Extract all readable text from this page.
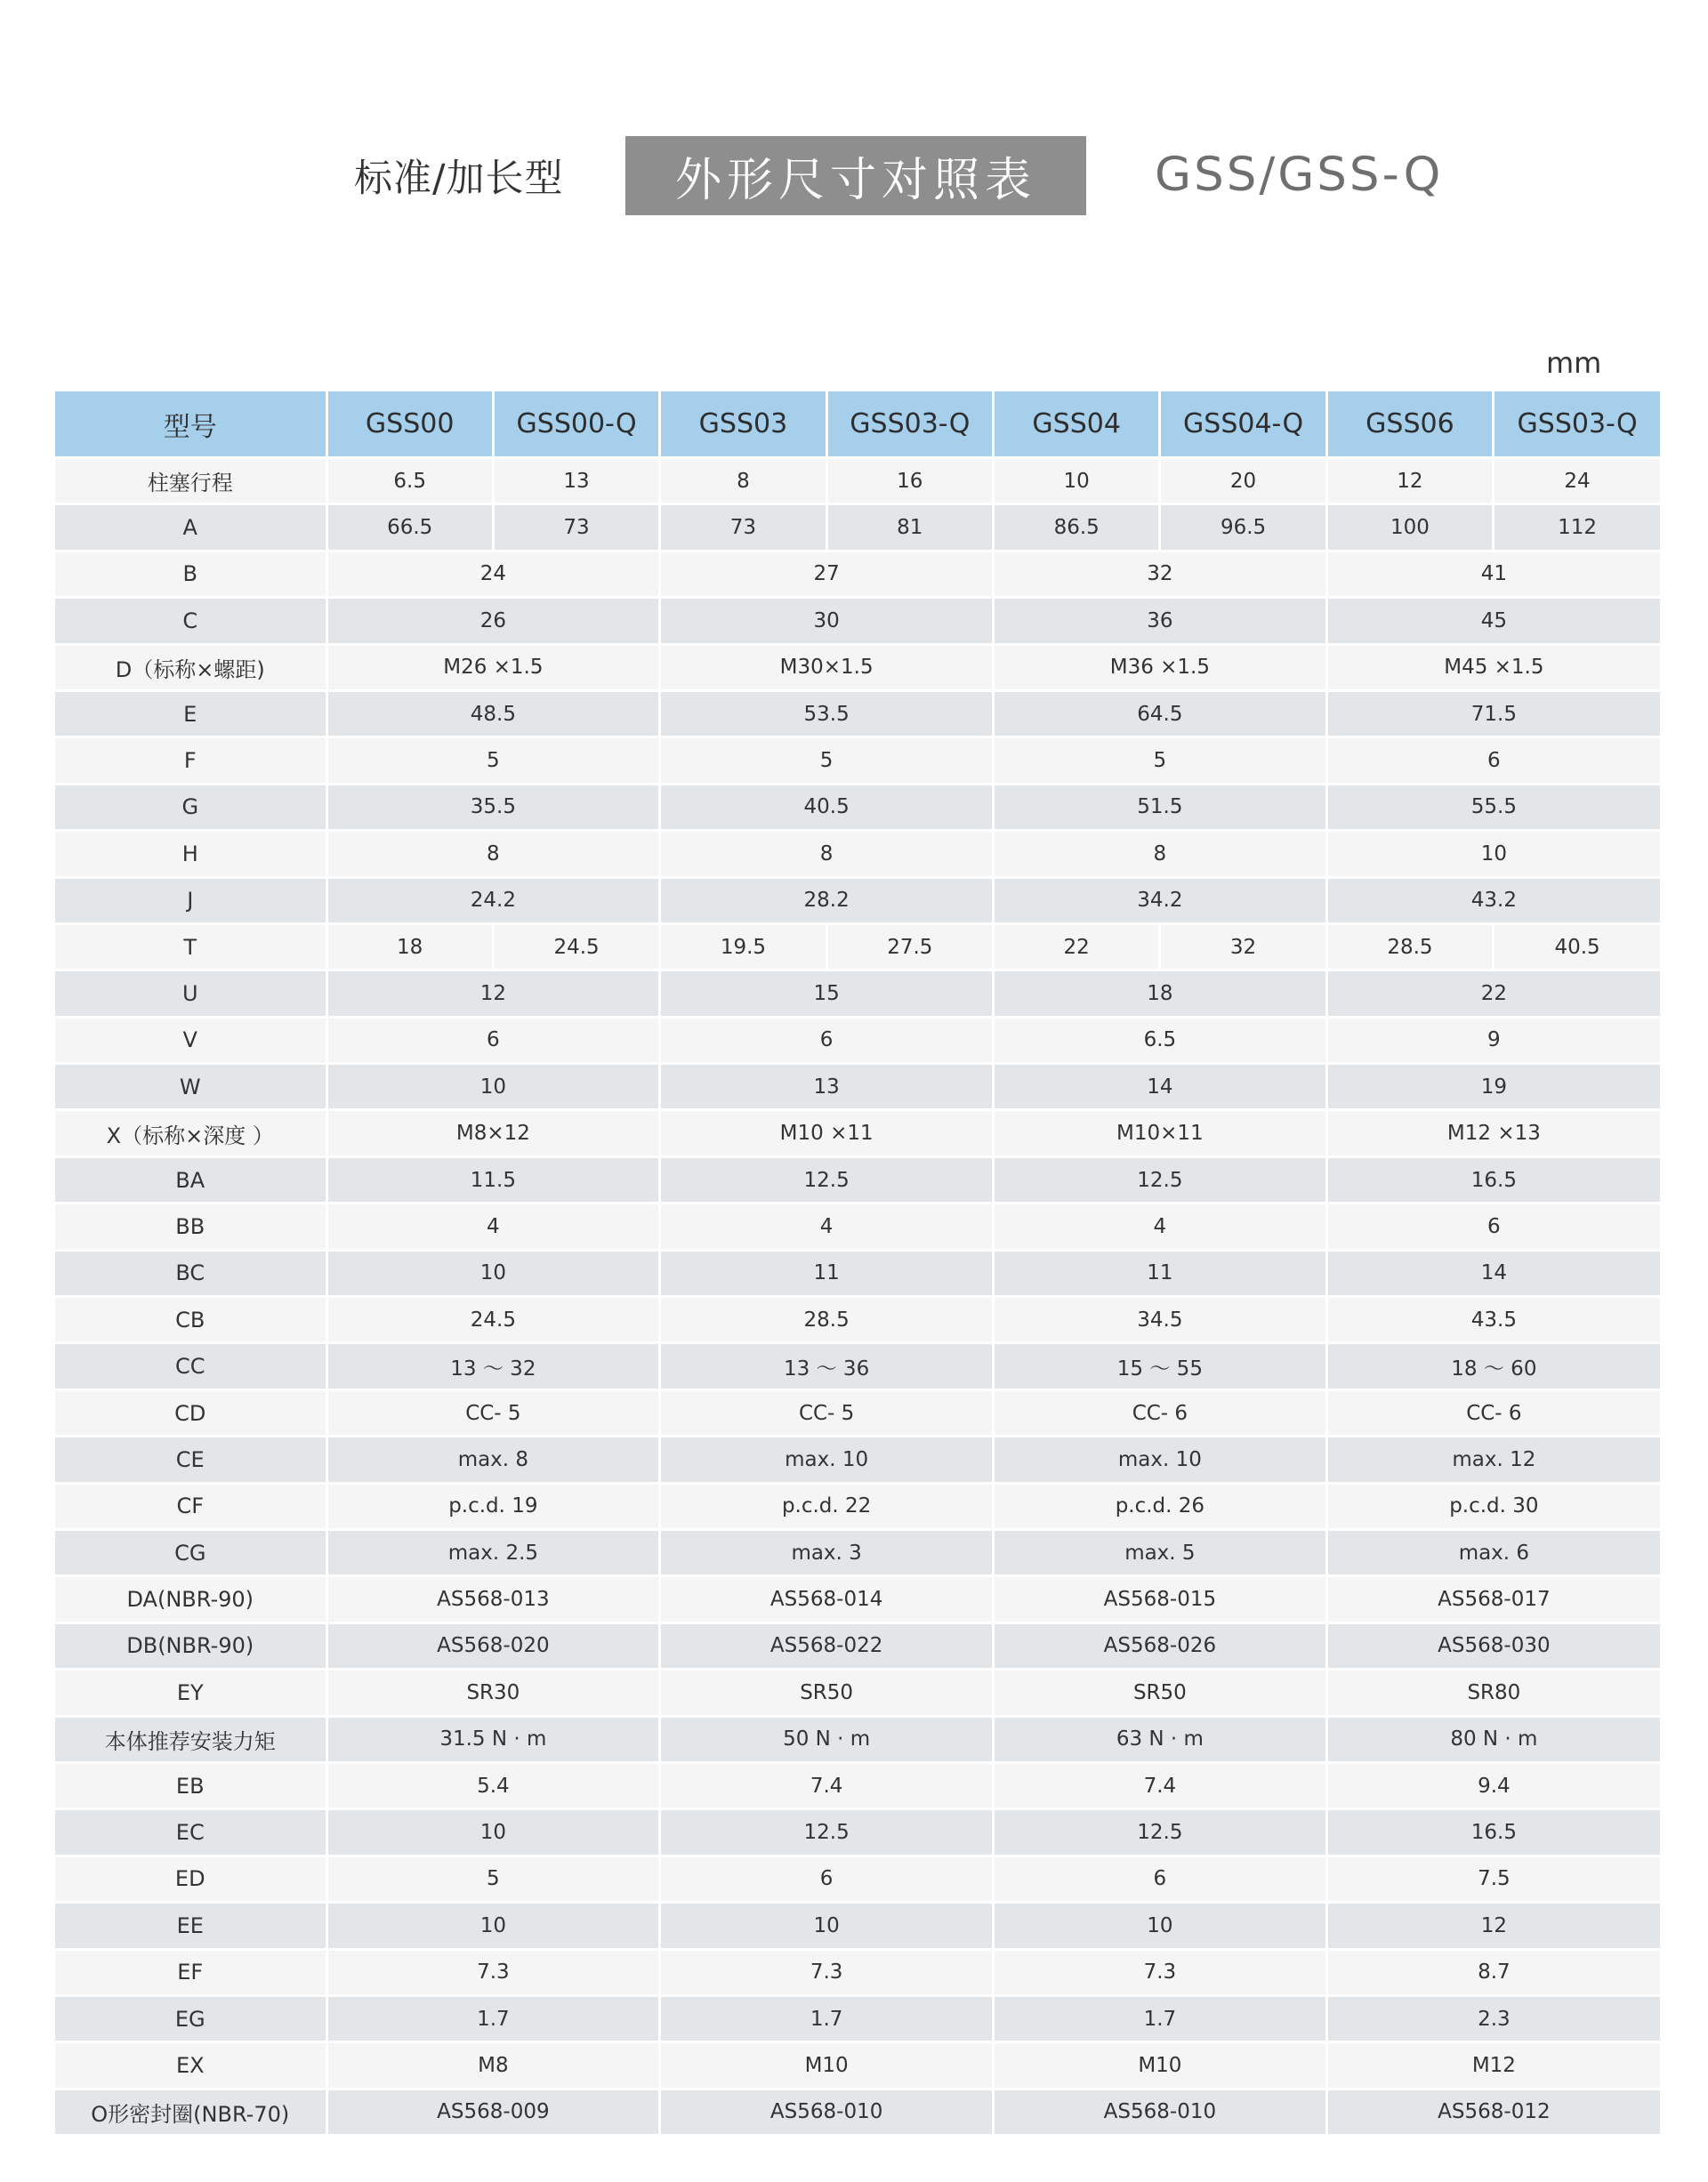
标准/加长型	外形尺寸对照表	GSS/GSS-Q
mm
型号	GSS00	GSS00-Q	GSS03	GSS03-Q	GSS04	GSS04-Q	GSS06	GSS03-Q
柱塞行程	6.5	13	8	16	10	20	12	24
A	66.5	73	73	81	86.5	96.5	100	112
B	24		27		32		41	
C	26		30		36		45	
D（标称×螺距)	M26 ×1.5		M30×1.5		M36 ×1.5		M45 ×1.5	
E	48.5		53.5		64.5		71.5	
F	5		5		5		6	
G	35.5		40.5		51.5		55.5	
H	8		8		8		10	
J	24.2		28.2		34.2		43.2	
T	18	24.5	19.5	27.5	22	32	28.5	40.5
U	12		15		18		22	
V	6		6		6.5		9	
W	10		13		14		19	
X（标称×深度 ）	M8×12		M10 ×11		M10×11		M12 ×13	
BA	11.5		12.5		12.5		16.5	
BB	4		4		4		6	
BC	10		11		11		14	
CB	24.5		28.5		34.5		43.5	
CC	13 ～ 32		13 ～ 36		15 ～ 55		18 ～ 60	
CD	CC- 5		CC- 5		CC- 6		CC- 6	
CE	max. 8		max. 10		max. 10		max. 12	
CF	p.c.d. 19		p.c.d. 22		p.c.d. 26		p.c.d. 30	
CG	max. 2.5		max. 3		max. 5		max. 6	
DA(NBR-90)	AS568-013		AS568-014		AS568-015		AS568-017	
DB(NBR-90)	AS568-020		AS568-022		AS568-026		AS568-030	
EY	SR30		SR50		SR50		SR80	
本体推荐安装力矩	31.5 N · m		50 N · m		63 N · m		80 N · m	
EB	5.4		7.4		7.4		9.4	
EC	10		12.5		12.5		16.5	
ED	5		6		6		7.5	
EE	10		10		10		12	
EF	7.3		7.3		7.3		8.7	
EG	1.7		1.7		1.7		2.3	
EX	M8		M10		M10		M12	
O形密封圈(NBR-70)	AS568-009		AS568-010		AS568-010		AS568-012	
